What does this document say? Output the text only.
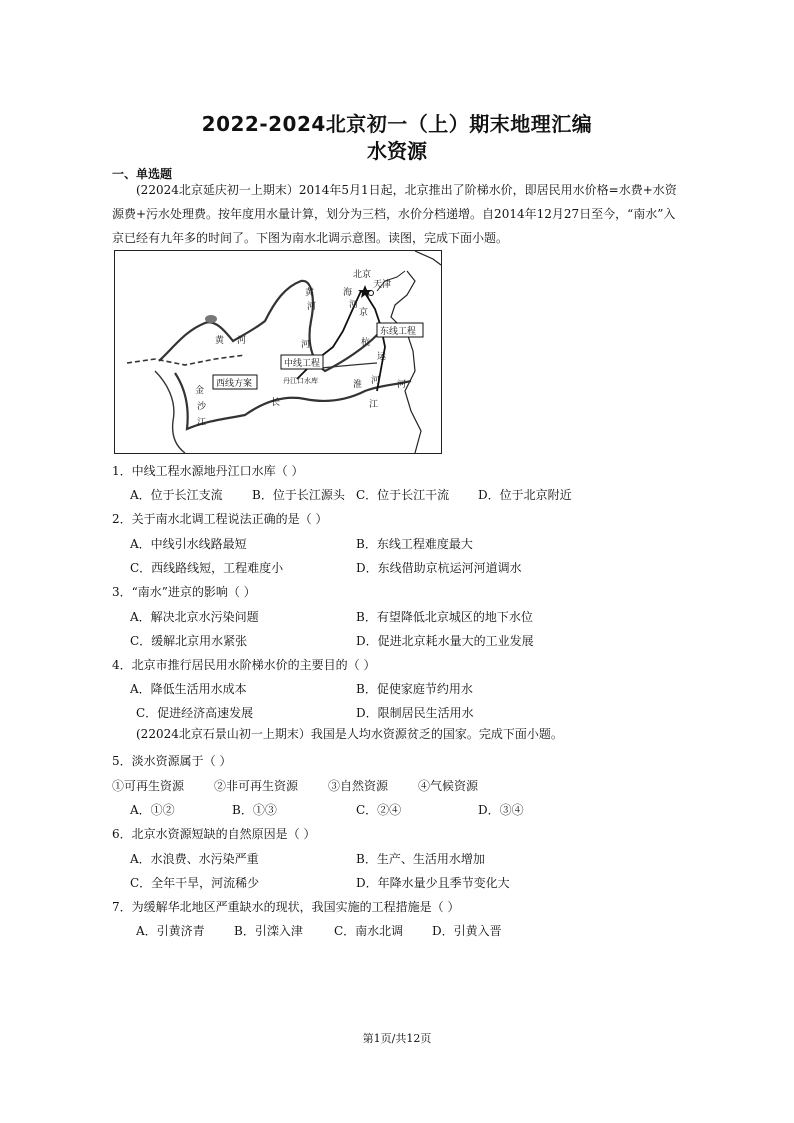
2022-2024北京初一（上）期末地理汇编
水资源
一、单选题
(22024北京延庆初一上期末）2014年5月1日起，北京推出了阶梯水价，即居民用水价格=水费+水资源费+污水处理费。按年度用水量计算，划分为三档，水价分档递增。自2014年12月27日至今，“南水”入京已经有九年多的时间了。下图为南水北调示意图。读图，完成下面小题。
北京
天津
黄
河
海
河
京
杭
运
东线工程
中线工程
西线方案	丹江口水库
黄 河	河
淮 河
金
沙
江
长	江
河
1．中线工程水源地丹江口水库（ ）
A．位于长江支流 B．位于长江源头 C．位于长江干流 D．位于北京附近
2．关于南水北调工程说法正确的是（ ）
A．中线引水线路最短	B．东线工程难度最大
C．西线路线短，工程难度小	D．东线借助京杭运河河道调水
3．“南水”进京的影响（ ）
A．解决北京水污染问题	B．有望降低北京城区的地下水位
C．缓解北京用水紧张	D．促进北京耗水量大的工业发展
4．北京市推行居民用水阶梯水价的主要目的（ ）
A．降低生活用水成本	B．促使家庭节约用水
C．促进经济高速发展	D．限制居民生活用水
(22024北京石景山初一上期末）我国是人均水资源贫乏的国家。完成下面小题。
5．淡水资源属于（ ）
①可再生资源 ②非可再生资源 ③自然资源 ④气候资源
A．①②	B．①③	C．②④	D．③④
6．北京水资源短缺的自然原因是（ ）
A．水浪费、水污染严重	B．生产、生活用水增加
C．全年干旱，河流稀少	D．年降水量少且季节变化大
7．为缓解华北地区严重缺水的现状，我国实施的工程措施是（ ）
A．引黄济青 B．引滦入津	C．南水北调 D．引黄入晋
第1页/共12页
